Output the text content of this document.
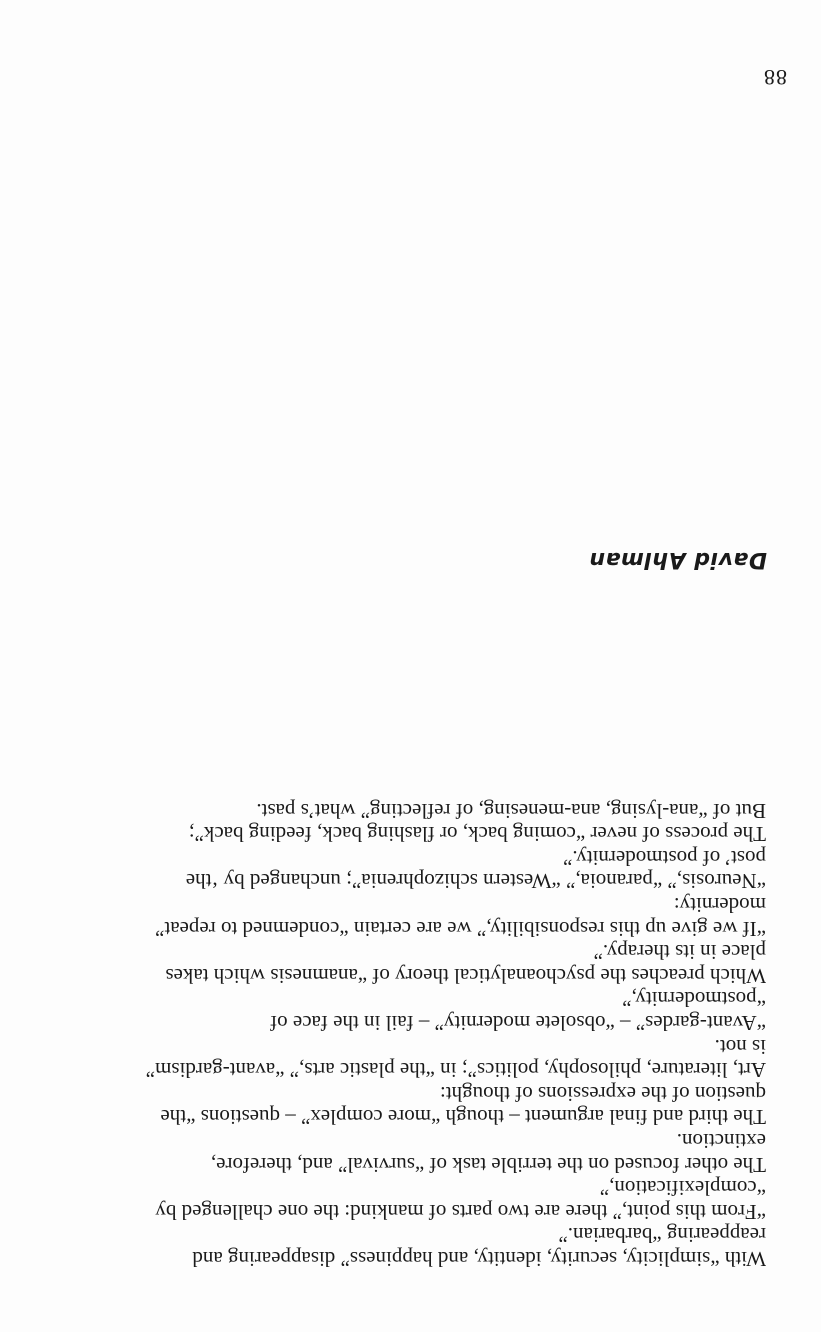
With “simplicity, security, identity, and happiness” disappearing and
reappearing “barbarian.”
“From this point,” there are two parts of mankind: the one challenged by
“complexification,”
The other focused on the terrible task of “survival” and, therefore,
extinction.
The third and final argument – though “more complex” – questions “the
question of the expressions of thought:
Art, literature, philosophy, politics”; in “the plastic arts,” “avant-gardism”
is not.
“Avant-gardes” – “obsolete modernity” – fail in the face of
“postmodernity,”
Which preaches the psychoanalytical theory of “anamnesis which takes
place in its therapy.”
“If we give up this responsibility,” we are certain “condemned to repeat”
modernity:
“Neurosis,” “paranoia,” “Western schizophrenia”; unchanged by ‘the
post’ of postmodernity.”
The process of never “coming back, or flashing back, feeding back”;
But of “ana-lysing, ana-menesing, of reflecting” what’s past.
David Ahlman
88
